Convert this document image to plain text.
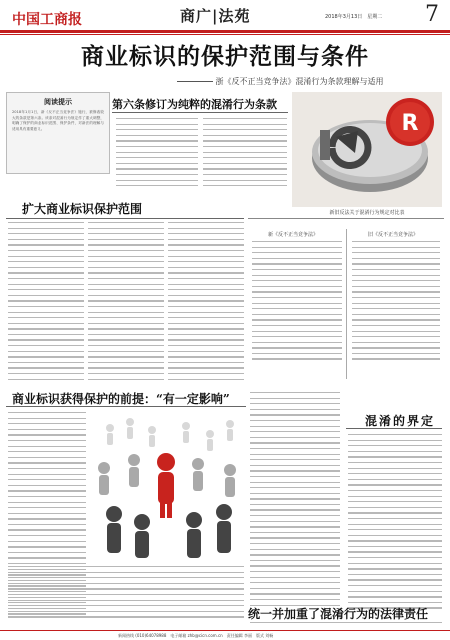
中国工商报	商广|法苑	2018年3月13日　星期二 7
商业标识的保护范围与条件
浙《反不正当竞争法》混淆行为条款理解与适用
阅读提示
2018年1月1日，新《反不正当竞争法》施行，被修改较大的条款是第六条。该条对混淆行为规定作了重大调整，明确了保护的商业标识范围、保护条件，对新法的理解与适用具有重要意义。
第六条修订为纯粹的混淆行为条款
R
新旧反法关于混淆行为规定对比表
新《反不正当竞争法》	旧《反不正当竞争法》
扩大商业标识保护范围
商业标识获得保护的前提：“有一定影响”
混淆的界定
统一并加重了混淆行为的法律责任
新闻热线 (010)64078988　电子邮箱 zhb@cicn.com.cn　责任编辑 李丽　版式 刘畅
